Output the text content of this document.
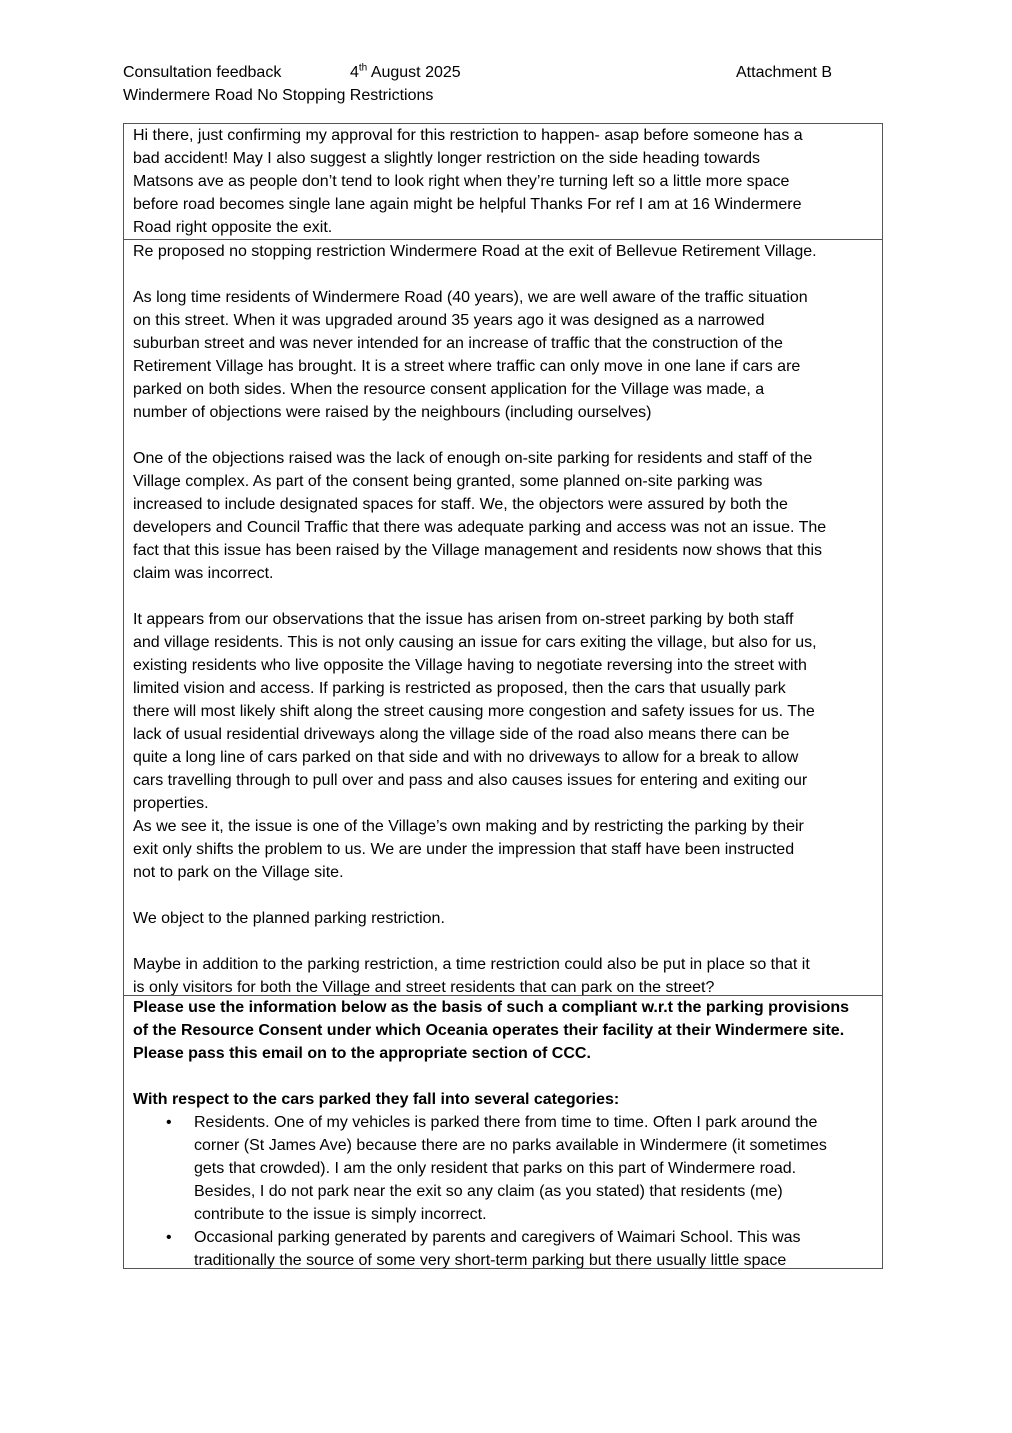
Consultation feedback	4th August 2025	Attachment B
Windermere Road No Stopping Restrictions

Hi there, just confirming my approval for this restriction to happen- asap before someone has a
bad accident! May I also suggest a slightly longer restriction on the side heading towards
Matsons ave as people don’t tend to look right when they’re turning left so a little more space
before road becomes single lane again might be helpful Thanks For ref I am at 16 Windermere
Road right opposite the exit.

Re proposed no stopping restriction Windermere Road at the exit of Bellevue Retirement Village.

As long time residents of Windermere Road (40 years), we are well aware of the traffic situation
on this street. When it was upgraded around 35 years ago it was designed as a narrowed
suburban street and was never intended for an increase of traffic that the construction of the
Retirement Village has brought. It is a street where traffic can only move in one lane if cars are
parked on both sides. When the resource consent application for the Village was made, a
number of objections were raised by the neighbours (including ourselves)

One of the objections raised was the lack of enough on-site parking for residents and staff of the
Village complex. As part of the consent being granted, some planned on-site parking was
increased to include designated spaces for staff. We, the objectors were assured by both the
developers and Council Traffic that there was adequate parking and access was not an issue. The
fact that this issue has been raised by the Village management and residents now shows that this
claim was incorrect.

It appears from our observations that the issue has arisen from on-street parking by both staff
and village residents. This is not only causing an issue for cars exiting the village, but also for us,
existing residents who live opposite the Village having to negotiate reversing into the street with
limited vision and access. If parking is restricted as proposed, then the cars that usually park
there will most likely shift along the street causing more congestion and safety issues for us. The
lack of usual residential driveways along the village side of the road also means there can be
quite a long line of cars parked on that side and with no driveways to allow for a break to allow
cars travelling through to pull over and pass and also causes issues for entering and exiting our
properties.
As we see it, the issue is one of the Village’s own making and by restricting the parking by their
exit only shifts the problem to us. We are under the impression that staff have been instructed
not to park on the Village site.

We object to the planned parking restriction.

Maybe in addition to the parking restriction, a time restriction could also be put in place so that it
is only visitors for both the Village and street residents that can park on the street?

Please use the information below as the basis of such a compliant w.r.t the parking provisions
of the Resource Consent under which Oceania operates their facility at their Windermere site.
Please pass this email on to the appropriate section of CCC.

With respect to the cars parked they fall into several categories:

• Residents. One of my vehicles is parked there from time to time. Often I park around the
corner (St James Ave) because there are no parks available in Windermere (it sometimes
gets that crowded). I am the only resident that parks on this part of Windermere road.
Besides, I do not park near the exit so any claim (as you stated) that residents (me)
contribute to the issue is simply incorrect.
• Occasional parking generated by parents and caregivers of Waimari School. This was
traditionally the source of some very short-term parking but there usually little space
